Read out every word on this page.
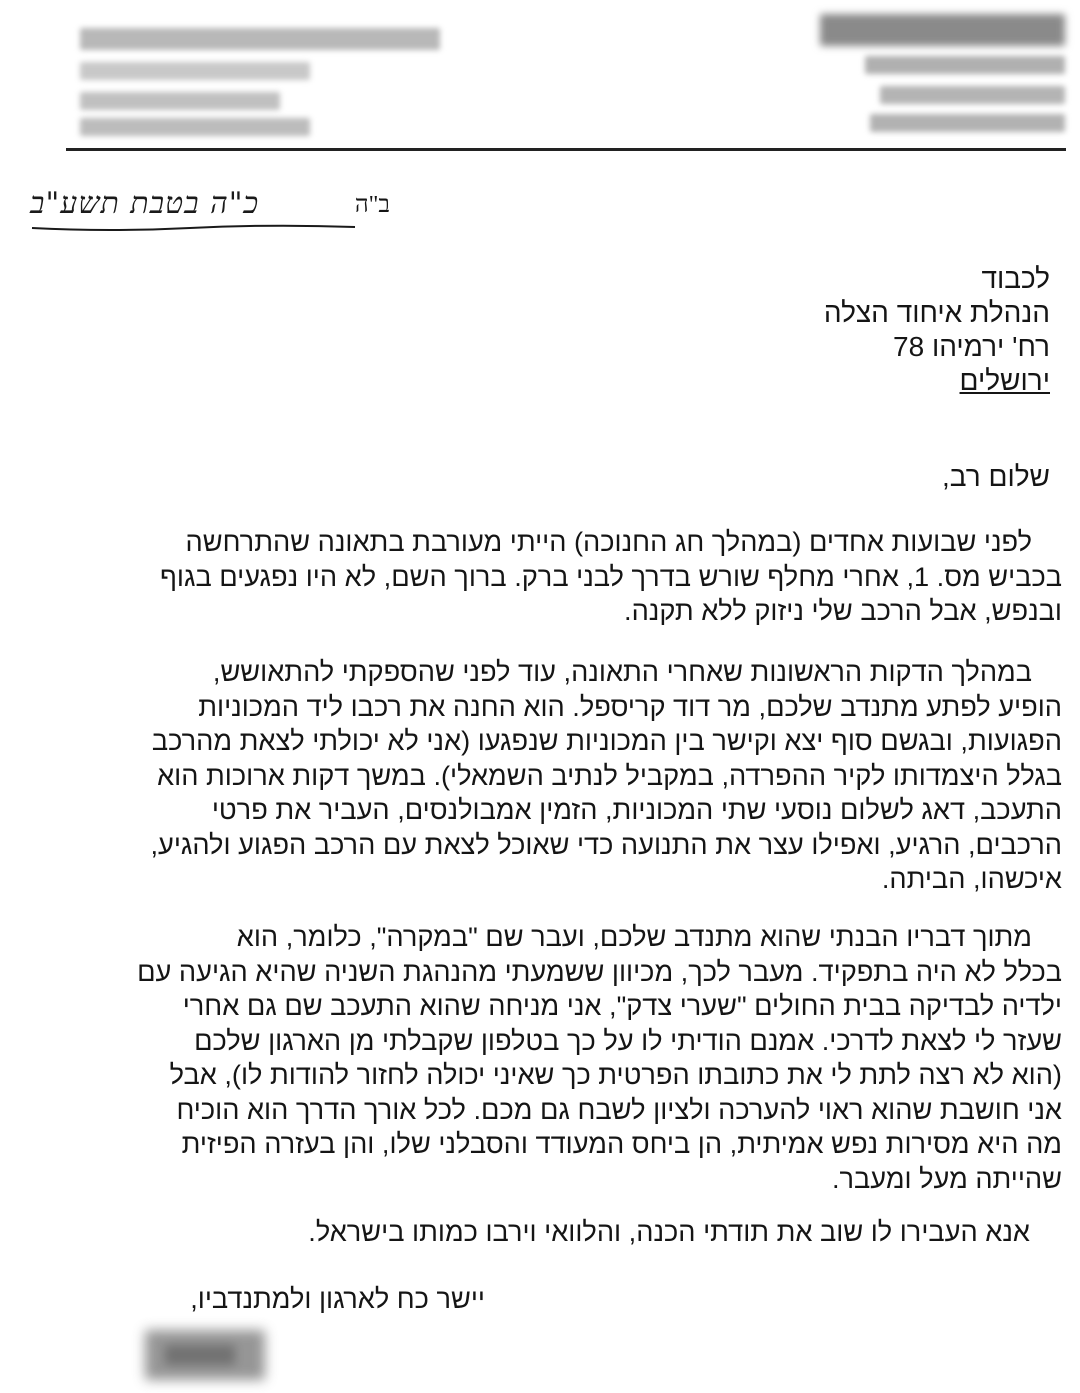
ב"ה
כ"ה בטבת תשע"ב
לכבוד
הנהלת איחוד הצלה
רח' ירמיהו 78
ירושלים
שלום רב,
לפני שבועות אחדים (במהלך חג החנוכה) הייתי מעורבת בתאונה שהתרחשה
בכביש מס. 1, אחרי מחלף שורש בדרך לבני ברק. ברוך השם, לא היו נפגעים בגוף
ובנפש, אבל הרכב שלי ניזוק ללא תקנה.
במהלך הדקות הראשונות שאחרי התאונה, עוד לפני שהספקתי להתאושש,
הופיע לפתע מתנדב שלכם, מר דוד קריספל. הוא החנה את רכבו ליד המכוניות
הפגועות, ובגשם סוף יצא וקישר בין המכוניות שנפגעו (אני לא יכולתי לצאת מהרכב
בגלל היצמדותו לקיר ההפרדה, במקביל לנתיב השמאלי). במשך דקות ארוכות הוא
התעכב, דאג לשלום נוסעי שתי המכוניות, הזמין אמבולנסים, העביר את פרטי
הרכבים, הרגיע, ואפילו עצר את התנועה כדי שאוכל לצאת עם הרכב הפגוע ולהגיע,
איכשהו, הביתה.
מתוך דבריו הבנתי שהוא מתנדב שלכם, ועבר שם "במקרה", כלומר, הוא
בכלל לא היה בתפקיד. מעבר לכך, מכיוון ששמעתי מהנהגת השניה שהיא הגיעה עם
ילדיה לבדיקה בבית החולים "שערי צדק", אני מניחה שהוא התעכב שם גם אחרי
שעזר לי לצאת לדרכי. אמנם הודיתי לו על כך בטלפון שקבלתי מן הארגון שלכם
(הוא לא רצה לתת לי את כתובתו הפרטית כך שאיני יכולה לחזור להודות לו), אבל
אני חושבת שהוא ראוי להערכה ולציון לשבח גם מכם. לכל אורך הדרך הוא הוכיח
מה היא מסירות נפש אמיתית, הן ביחס המעודד והסבלני שלו, והן בעזרה הפיזית
שהייתה מעל ומעבר.
אנא העבירו לו שוב את תודתי הכנה, והלוואי וירבו כמותו בישראל.
יישר כח לארגון ולמתנדביו,
